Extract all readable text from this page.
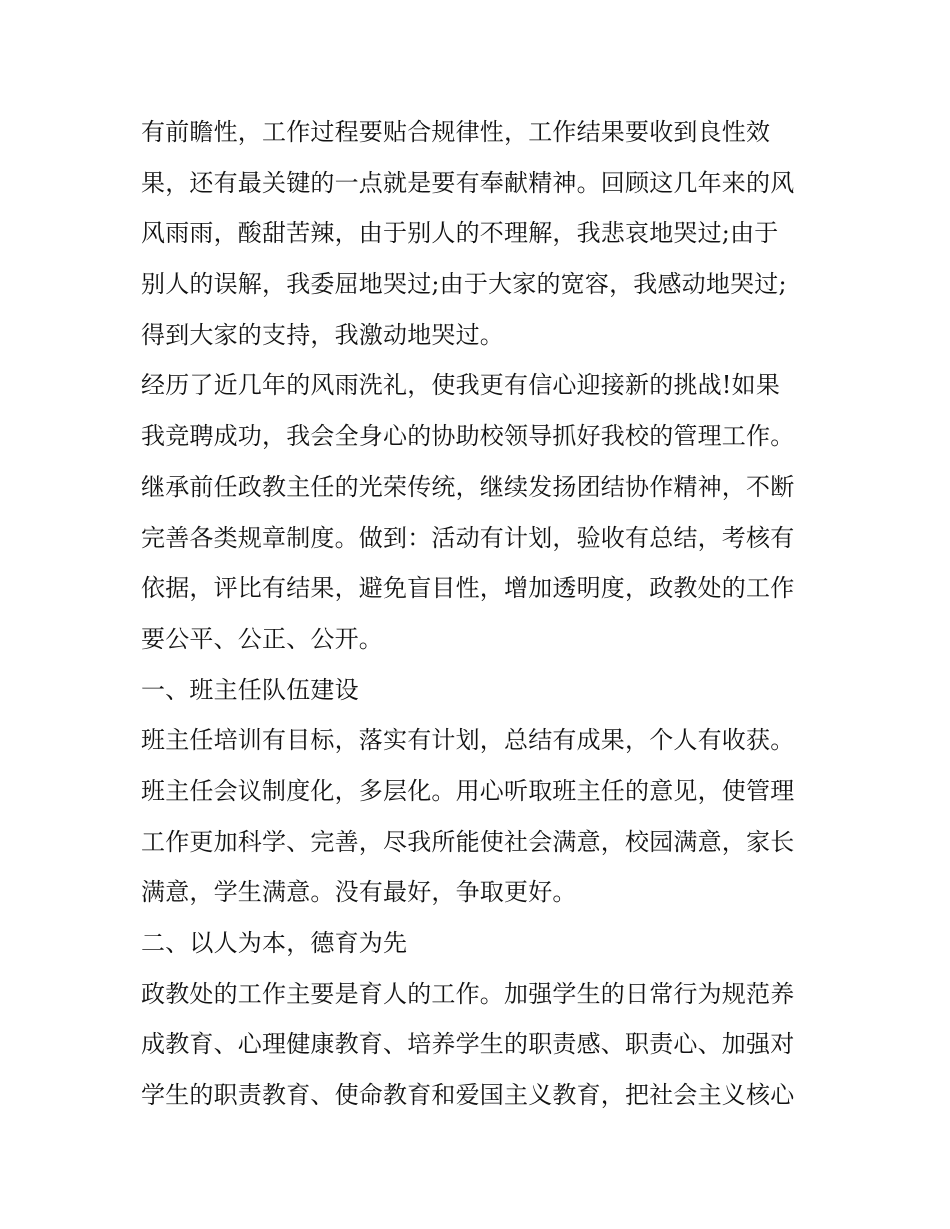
有前瞻性，工作过程要贴合规律性，工作结果要收到良性效
果，还有最关键的一点就是要有奉献精神。回顾这几年来的风
风雨雨，酸甜苦辣，由于别人的不理解，我悲哀地哭过;由于
别人的误解，我委屈地哭过;由于大家的宽容，我感动地哭过;
得到大家的支持，我激动地哭过。
经历了近几年的风雨洗礼，使我更有信心迎接新的挑战!如果
我竞聘成功，我会全身心的协助校领导抓好我校的管理工作。
继承前任政教主任的光荣传统，继续发扬团结协作精神，不断
完善各类规章制度。做到：活动有计划，验收有总结，考核有
依据，评比有结果，避免盲目性，增加透明度，政教处的工作
要公平、公正、公开。
一、班主任队伍建设
班主任培训有目标，落实有计划，总结有成果，个人有收获。
班主任会议制度化，多层化。用心听取班主任的意见，使管理
工作更加科学、完善，尽我所能使社会满意，校园满意，家长
满意，学生满意。没有最好，争取更好。
二、以人为本，德育为先
政教处的工作主要是育人的工作。加强学生的日常行为规范养
成教育、心理健康教育、培养学生的职责感、职责心、加强对
学生的职责教育、使命教育和爱国主义教育，把社会主义核心
